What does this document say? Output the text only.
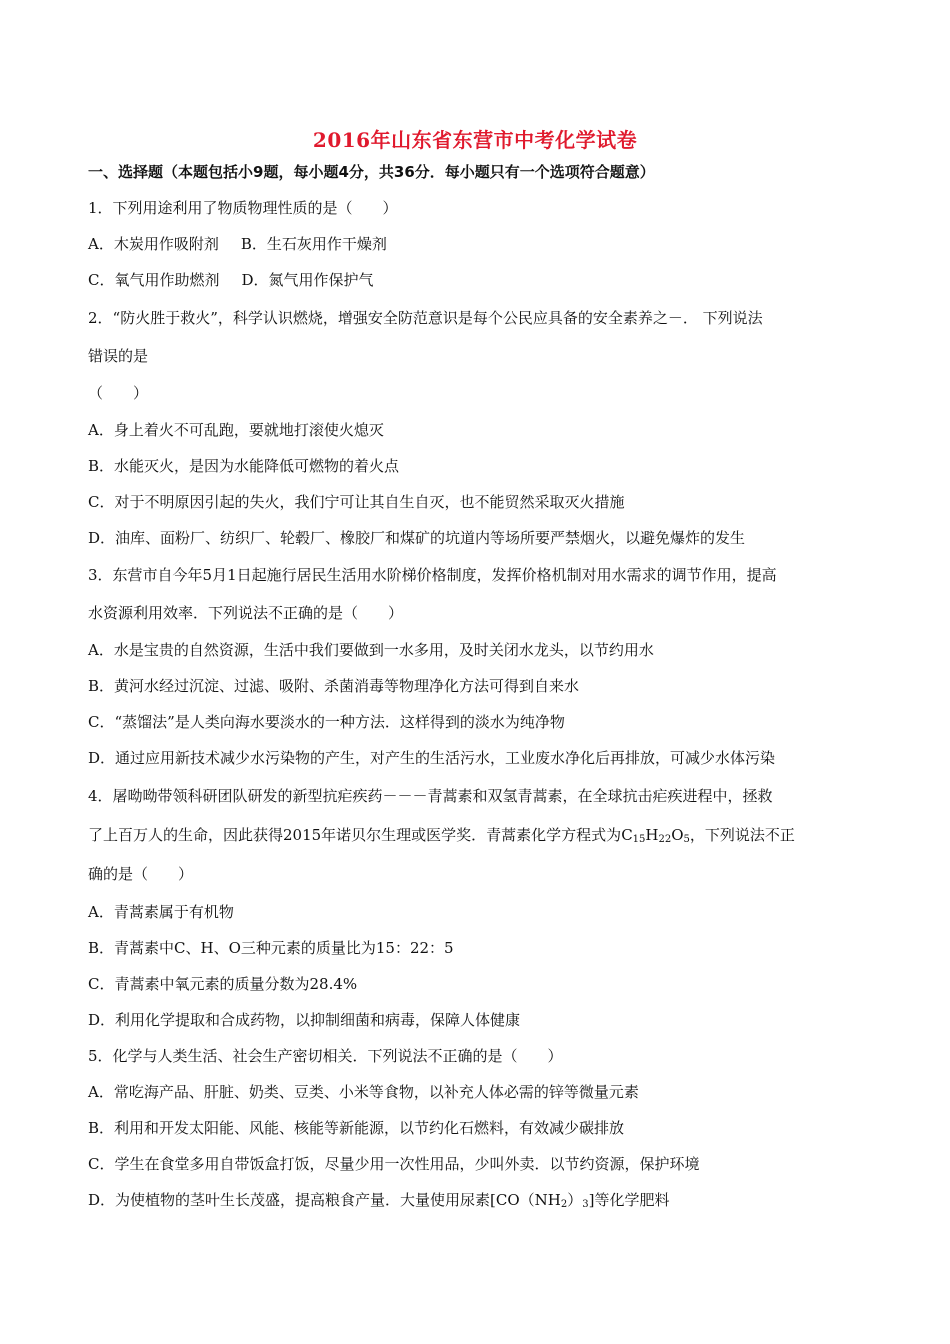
2016年山东省东营市中考化学试卷
一、选择题（本题包括小9题，每小题4分，共36分．每小题只有一个选项符合题意）
1．下列用途利用了物质物理性质的是（　　）
A．木炭用作吸附剂 B．生石灰用作干燥剂
C．氧气用作助燃剂 D．氮气用作保护气
2．“防火胜于救火”，科学认识燃烧，增强安全防范意识是每个公民应具备的安全素养之－． 下列说法
错误的是
（　　）
A．身上着火不可乱跑，要就地打滚使火熄灭
B．水能灭火，是因为水能降低可燃物的着火点
C．对于不明原因引起的失火，我们宁可让其自生自灭，也不能贸然采取灭火措施
D．油库、面粉厂、纺织厂、轮毂厂、橡胶厂和煤矿的坑道内等场所要严禁烟火，以避免爆炸的发生
3．东营市自今年5月1日起施行居民生活用水阶梯价格制度，发挥价格机制对用水需求的调节作用，提高
水资源利用效率．下列说法不正确的是（　　）
A．水是宝贵的自然资源，生活中我们要做到一水多用，及时关闭水龙头，以节约用水
B．黄河水经过沉淀、过滤、吸附、杀菌消毒等物理净化方法可得到自来水
C．“蒸馏法”是人类向海水要淡水的一种方法．这样得到的淡水为纯净物
D．通过应用新技术减少水污染物的产生，对产生的生活污水，工业废水净化后再排放，可减少水体污染
4．屠呦呦带领科研团队研发的新型抗疟疾药－－－青蒿素和双氢青蒿素，在全球抗击疟疾进程中，拯救
了上百万人的生命，因此获得2015年诺贝尔生理或医学奖．青蒿素化学方程式为$C_{15}H_{22}O_5$，下列说法不正
确的是（　　）
A．青蒿素属于有机物
B．青蒿素中C、H、O三种元素的质量比为15：22：5
C．青蒿素中氧元素的质量分数为28.4%
D．利用化学提取和合成药物，以抑制细菌和病毒，保障人体健康
5．化学与人类生活、社会生产密切相关．下列说法不正确的是（　　）
A．常吃海产品、肝脏、奶类、豆类、小米等食物，以补充人体必需的锌等微量元素
B．利用和开发太阳能、风能、核能等新能源，以节约化石燃料，有效减少碳排放
C．学生在食堂多用自带饭盒打饭，尽量少用一次性用品，少叫外卖．以节约资源，保护环境
D．为使植物的茎叶生长茂盛，提高粮食产量．大量使用尿素$[CO(NH_2)_3]$等化学肥料
